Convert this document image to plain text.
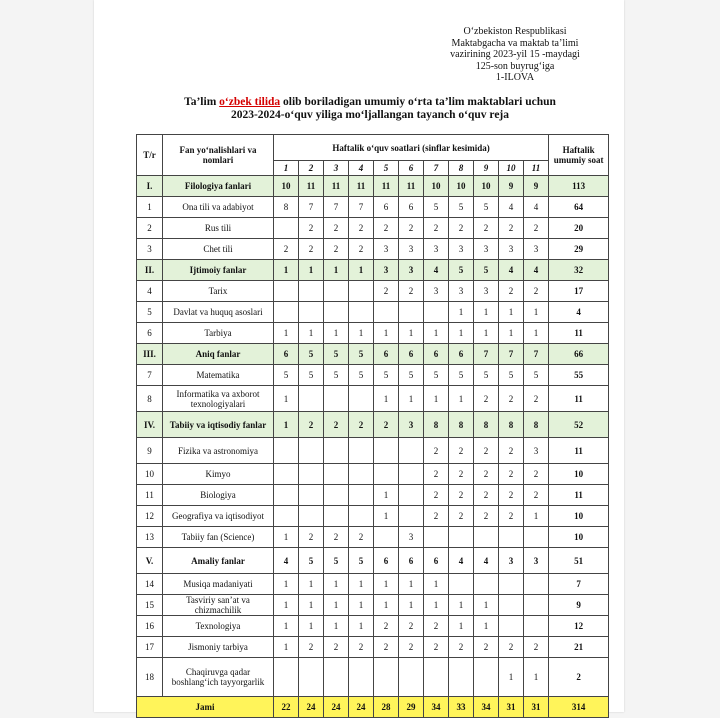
O‘zbekiston Respublikasi
Maktabgacha va maktab ta’limi
vazirining 2023-yil 15 -maydagi
125-son buyrug‘iga
1-ILOVA
Ta’lim o‘zbek tilida olib boriladigan umumiy o‘rta ta’lim maktablari uchun
2023-2024-o‘quv yiliga mo‘ljallangan tayanch o‘quv reja
T/r	Fan yo‘nalishlari va nomlari	Haftalik o‘quv soatlari (sinflar kesimida)											Haftalik umumiy soat
		1	2	3	4	5	6	7	8	9	10	11	
I.	Filologiya fanlari	10	11	11	11	11	11	10	10	10	9	9	113
1	Ona tili va adabiyot	8	7	7	7	6	6	5	5	5	4	4	64
2	Rus tili		2	2	2	2	2	2	2	2	2	2	20
3	Chet tili	2	2	2	2	3	3	3	3	3	3	3	29
II.	Ijtimoiy fanlar	1	1	1	1	3	3	4	5	5	4	4	32
4	Tarix					2	2	3	3	3	2	2	17
5	Davlat va huquq asoslari								1	1	1	1	4
6	Tarbiya	1	1	1	1	1	1	1	1	1	1	1	11
III.	Aniq fanlar	6	5	5	5	6	6	6	6	7	7	7	66
7	Matematika	5	5	5	5	5	5	5	5	5	5	5	55
8	Informatika va axborot texnologiyalari	1				1	1	1	1	2	2	2	11
IV.	Tabiiy va iqtisodiy fanlar	1	2	2	2	2	3	8	8	8	8	8	52
9	Fizika va astronomiya							2	2	2	2	3	11
10	Kimyo							2	2	2	2	2	10
11	Biologiya					1		2	2	2	2	2	11
12	Geografiya va iqtisodiyot					1		2	2	2	2	1	10
13	Tabiiy fan (Science)	1	2	2	2		3						10
V.	Amaliy fanlar	4	5	5	5	6	6	6	4	4	3	3	51
14	Musiqa madaniyati	1	1	1	1	1	1	1					7
15	Tasviriy san’at va chizmachilik	1	1	1	1	1	1	1	1	1			9
16	Texnologiya	1	1	1	1	2	2	2	1	1			12
17	Jismoniy tarbiya	1	2	2	2	2	2	2	2	2	2	2	21
18	Chaqiruvga qadar boshlang‘ich tayyorgarlik										1	1	2
Jami		22	24	24	24	28	29	34	33	34	31	31	314
